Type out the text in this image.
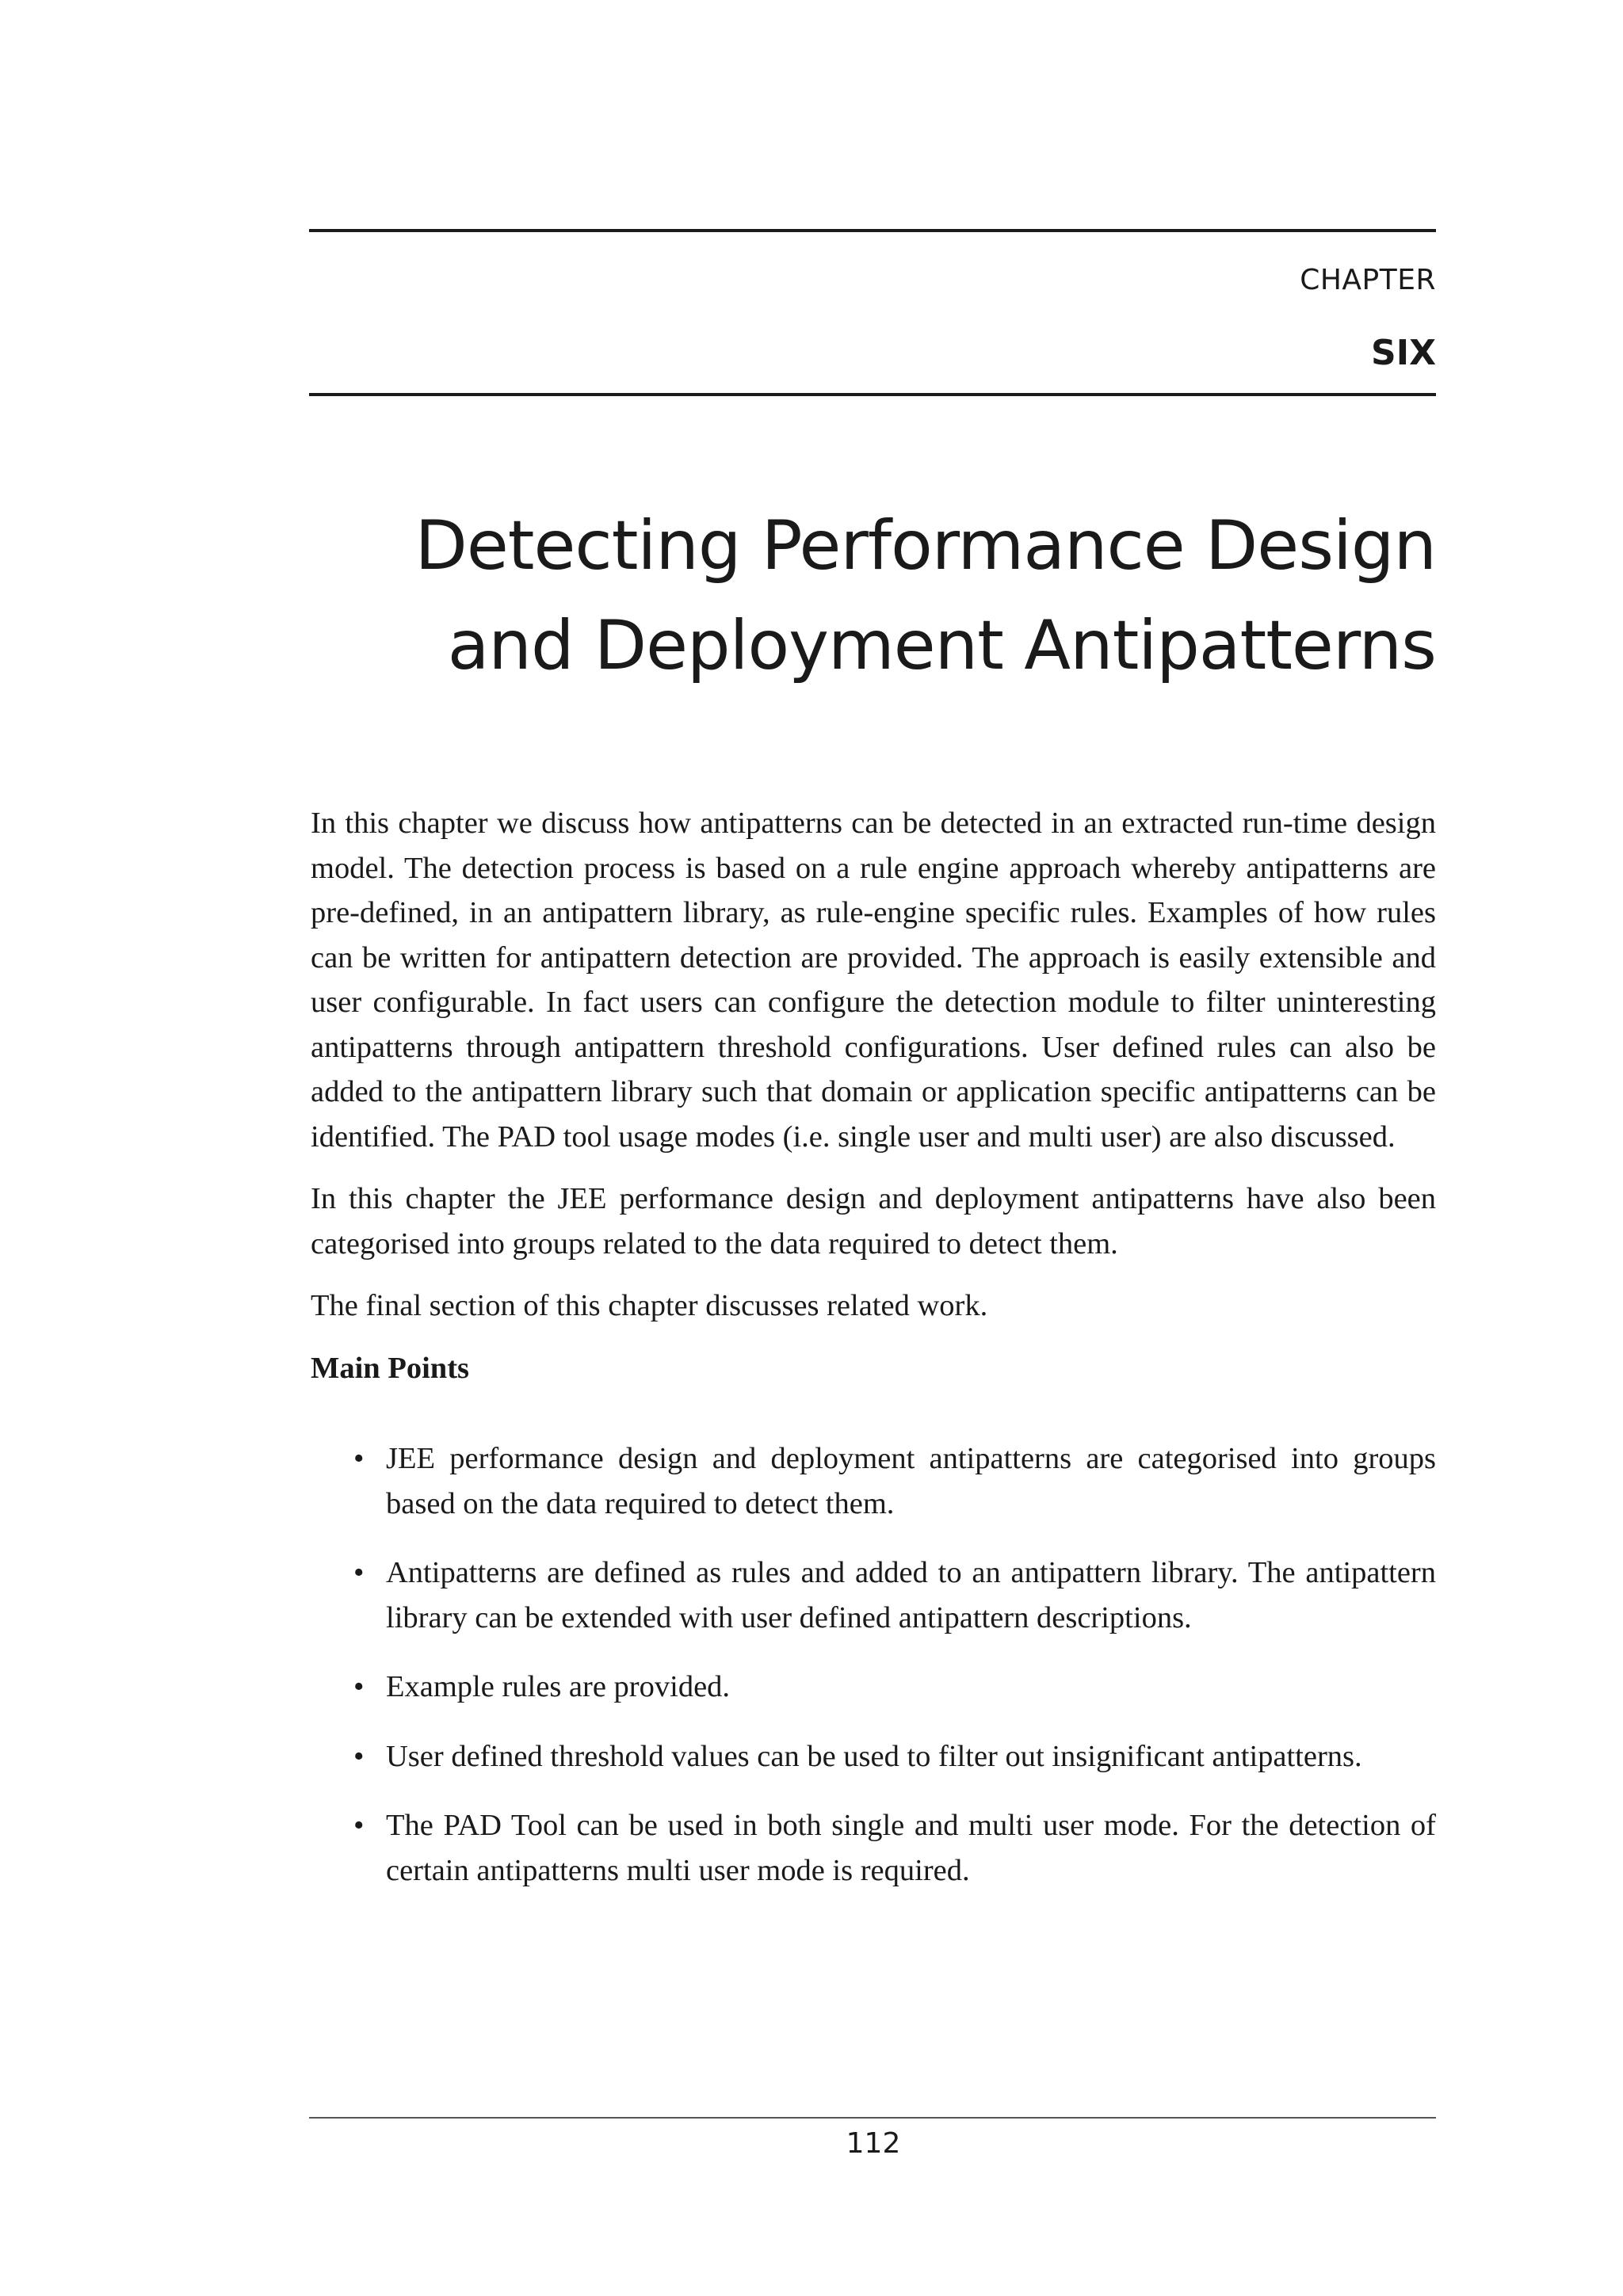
CHAPTER
SIX
Detecting Performance Design
and Deployment Antipatterns

In this chapter we discuss how antipatterns can be detected in an extracted run-time design model. The detection process is based on a rule engine approach whereby antipatterns are pre-defined, in an antipattern library, as rule-engine specific rules. Examples of how rules can be written for antipattern detection are provided. The approach is easily extensible and user configurable. In fact users can configure the detection module to filter uninteresting antipatterns through antipattern threshold configurations. User defined rules can also be added to the antipattern library such that domain or application specific antipatterns can be identified. The PAD tool usage modes (i.e. single user and multi user) are also discussed.

In this chapter the JEE performance design and deployment antipatterns have also been categorised into groups related to the data required to detect them.

The final section of this chapter discusses related work.

Main Points

• JEE performance design and deployment antipatterns are categorised into groups based on the data required to detect them.
• Antipatterns are defined as rules and added to an antipattern library. The antipattern library can be extended with user defined antipattern descriptions.
• Example rules are provided.
• User defined threshold values can be used to filter out insignificant antipatterns.
• The PAD Tool can be used in both single and multi user mode. For the detection of certain antipatterns multi user mode is required.
112
